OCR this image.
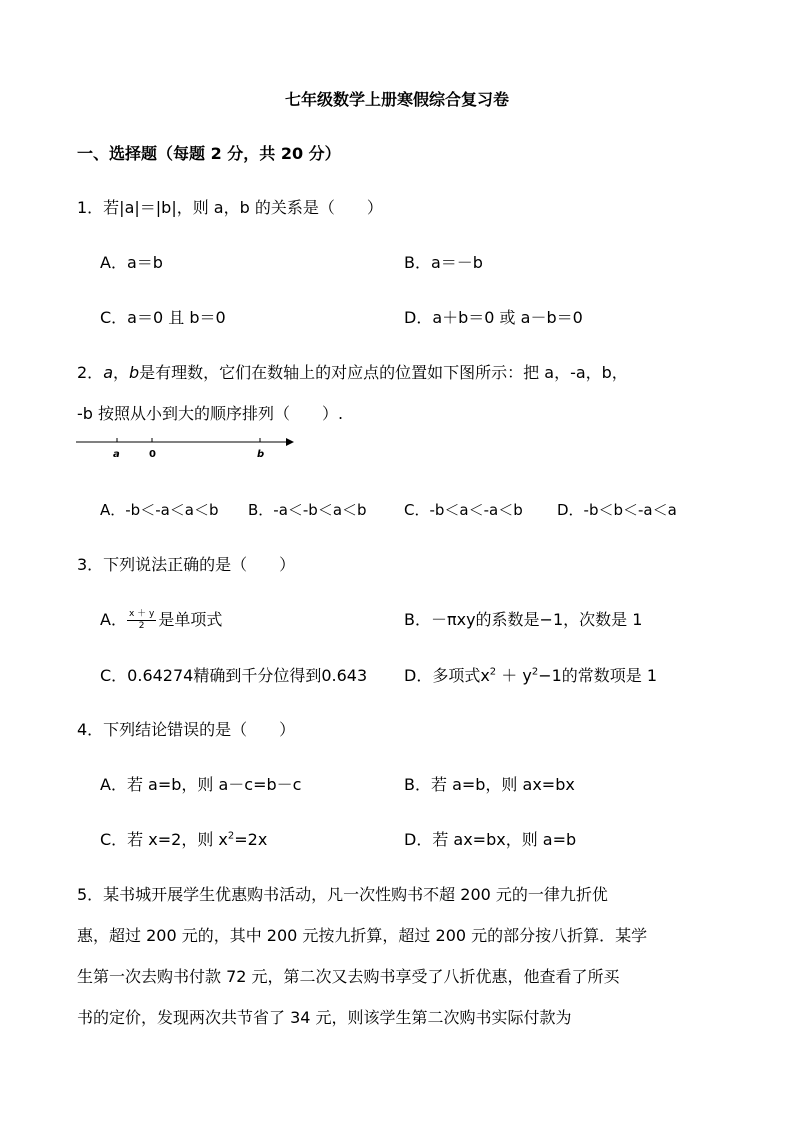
七年级数学上册寒假综合复习卷
一、选择题（每题 2 分，共 20 分）
1．若|a|＝|b|，则 a，b 的关系是（　　）
A．a＝b	B．a＝－b
C．a＝0 且 b＝0	D．a＋b＝0 或 a－b＝0
2．a，b是有理数，它们在数轴上的对应点的位置如下图所示：把 a，-a，b，
-b 按照从小到大的顺序排列（　　）.
a	0	b
A．-b＜-a＜a＜b B．-a＜-b＜a＜b C．-b＜a＜-a＜b D．-b＜b＜-a＜a
3．下列说法正确的是（　　）
A． $\frac{x + y}{2}$ 是单项式	B．－πxy的系数是−1，次数是 1
C．0.64274精确到千分位得到0.643 D．多项式$x^2 + y^2-1$的常数项是 1
4．下列结论错误的是（　　）
A．若 a=b，则 a－c=b－c	B．若 a=b，则 ax=bx
C．若 x=2，则 $x^2=2x$	D．若 ax=bx，则 a=b
5．某书城开展学生优惠购书活动，凡一次性购书不超 200 元的一律九折优
惠，超过 200 元的，其中 200 元按九折算，超过 200 元的部分按八折算．某学
生第一次去购书付款 72 元，第二次又去购书享受了八折优惠，他查看了所买
书的定价，发现两次共节省了 34 元，则该学生第二次购书实际付款为
